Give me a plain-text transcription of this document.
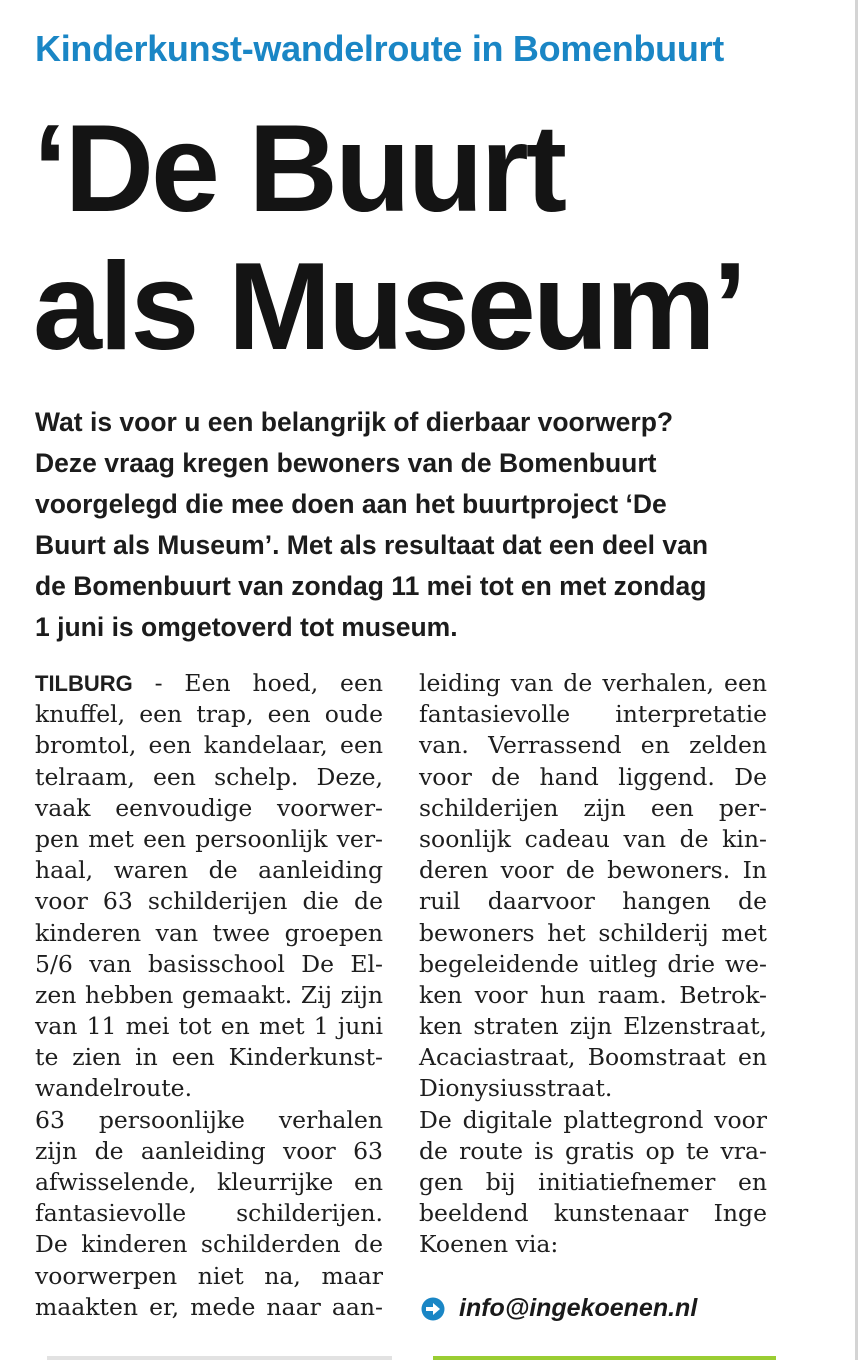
Kinderkunst-wandelroute in Bomenbuurt
‘De Buurt
als Museum’

Wat is voor u een belangrijk of dierbaar voorwerp?
Deze vraag kregen bewoners van de Bomenbuurt
voorgelegd die mee doen aan het buurtproject ‘De
Buurt als Museum’. Met als resultaat dat een deel van
de Bomenbuurt van zondag 11 mei tot en met zondag
1 juni is omgetoverd tot museum.

TILBURG - Een hoed, een
knuffel, een trap, een oude
bromtol, een kandelaar, een
telraam, een schelp. Deze,
vaak eenvoudige voorwer-
pen met een persoonlijk ver-
haal, waren de aanleiding
voor 63 schilderijen die de
kinderen van twee groepen
5/6 van basisschool De El-
zen hebben gemaakt. Zij zijn
van 11 mei tot en met 1 juni
te zien in een Kinderkunst-
wandelroute.
63 persoonlijke verhalen
zijn de aanleiding voor 63
afwisselende, kleurrijke en
fantasievolle schilderijen.
De kinderen schilderden de
voorwerpen niet na, maar
maakten er, mede naar aan-
leiding van de verhalen, een
fantasievolle interpretatie
van. Verrassend en zelden
voor de hand liggend. De
schilderijen zijn een per-
soonlijk cadeau van de kin-
deren voor de bewoners. In
ruil daarvoor hangen de
bewoners het schilderij met
begeleidende uitleg drie we-
ken voor hun raam. Betrok-
ken straten zijn Elzenstraat,
Acaciastraat, Boomstraat en
Dionysiusstraat.
De digitale plattegrond voor
de route is gratis op te vra-
gen bij initiatiefnemer en
beeldend kunstenaar Inge
Koenen via:
info@ingekoenen.nl
